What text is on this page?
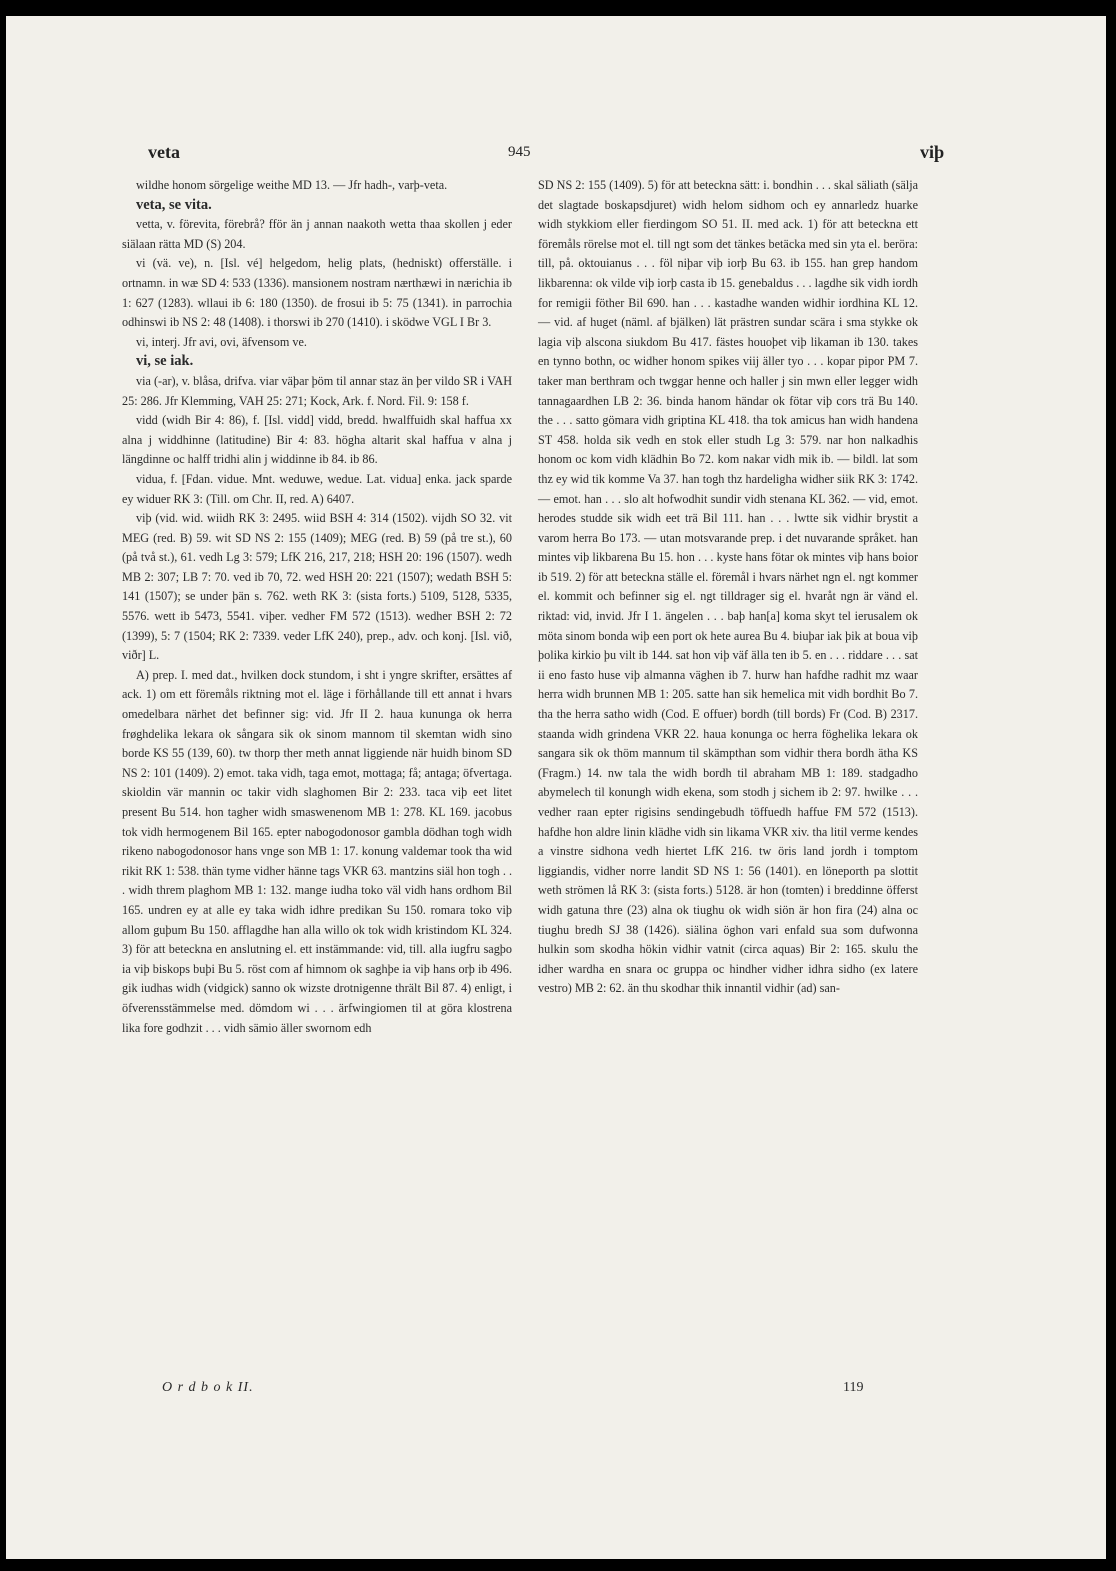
veta	945	viþ

wildhe honom sörgelige weithe MD 13. — Jfr hadh-, varþ-veta.

veta, se vita.

vetta, v. förevita, förebrå? fför än j annan naakoth wetta thaa skollen j eder siälaan rätta MD (S) 204.

vi (vä. ve), n. [Isl. vé] helgedom, helig plats, (hedniskt) offerställe. i ortnamn. in wæ SD 4: 533 (1336). mansionem nostram nærthæwi in nærichia ib 1: 627 (1283). wllaui ib 6: 180 (1350). de frosui ib 5: 75 (1341). in parrochia odhinswi ib NS 2: 48 (1408). i thorswi ib 270 (1410). i sködwe VGL I Br 3.

vi, interj. Jfr avi, ovi, äfvensom ve.

vi, se iak.

via (-ar), v. blåsa, drifva. viar väþar þöm til annar staz än þer vildo SR i VAH 25: 286. Jfr Klemming, VAH 25: 271; Kock, Ark. f. Nord. Fil. 9: 158 f.

vidd (widh Bir 4: 86), f. [Isl. vidd] vidd, bredd. hwalffuidh skal haffua xx alna j widdhinne (latitudine) Bir 4: 83. högha altarit skal haffua v alna j längdinne oc halff tridhi alin j widdinne ib 84. ib 86.

vidua, f. [Fdan. vidue. Mnt. weduwe, wedue. Lat. vidua] enka. jack sparde ey widuer RK 3: (Till. om Chr. II, red. A) 6407.

viþ (vid. wid. wiidh RK 3: 2495. wiid BSH 4: 314 (1502). vijdh SO 32. vit MEG (red. B) 59. wit SD NS 2: 155 (1409); MEG (red. B) 59 (på tre st.), 60 (på två st.), 61. vedh Lg 3: 579; LfK 216, 217, 218; HSH 20: 196 (1507). wedh MB 2: 307; LB 7: 70. ved ib 70, 72. wed HSH 20: 221 (1507); wedath BSH 5: 141 (1507); se under þän s. 762. weth RK 3: (sista forts.) 5109, 5128, 5335, 5576. wett ib 5473, 5541. viþer. vedher FM 572 (1513). wedher BSH 2: 72 (1399), 5: 7 (1504; RK 2: 7339. veder LfK 240), prep., adv. och konj. [Isl. við, viðr] L.

A) prep. I. med dat., hvilken dock stundom, i sht i yngre skrifter, ersättes af ack. 1) om ett föremåls riktning mot el. läge i förhållande till ett annat i hvars omedelbara närhet det befinner sig: vid. Jfr II 2. haua kununga ok herra frøghdelika lekara ok sångara sik ok sinom mannom til skemtan widh sino borde KS 55 (139, 60). tw thorp ther meth annat liggiende när huidh binom SD NS 2: 101 (1409). 2) emot. taka vidh, taga emot, mottaga; få; antaga; öfvertaga. skioldin vär mannin oc takir vidh slaghomen Bir 2: 233. taca viþ eet litet present Bu 514. hon tagher widh smaswenenom MB 1: 278. KL 169. jacobus tok vidh hermogenem Bil 165. epter nabogodonosor gambla dödhan togh widh rikeno nabogodonosor hans vnge son MB 1: 17. konung valdemar took tha wid rikit RK 1: 538. thän tyme vidher hänne tags VKR 63. mantzins siäl hon togh . . . widh threm plaghom MB 1: 132. mange iudha toko väl vidh hans ordhom Bil 165. undren ey at alle ey taka widh idhre predikan Su 150. romara toko viþ allom guþum Bu 150. afflagdhe han alla willo ok tok widh kristindom KL 324. 3) för att beteckna en anslutning el. ett instämmande: vid, till. alla iugfru sagþo ia viþ biskops buþi Bu 5. röst com af himnom ok saghþe ia viþ hans orþ ib 496. gik iudhas widh (vidgick) sanno ok wizste drotnigenne thrält Bil 87. 4) enligt, i öfverensstämmelse med. dömdom wi . . . ärfwingiomen til at göra klostrena lika fore godhzit . . . vidh sämio äller swornom edh

SD NS 2: 155 (1409). 5) för att beteckna sätt: i. bondhin . . . skal säliath (sälja det slagtade boskapsdjuret) widh helom sidhom och ey annarledz huarke widh stykkiom eller fierdingom SO 51. II. med ack. 1) för att beteckna ett föremåls rörelse mot el. till ngt som det tänkes betäcka med sin yta el. beröra: till, på. oktouianus . . . föl niþar viþ iorþ Bu 63. ib 155. han grep handom likbarenna: ok vilde viþ iorþ casta ib 15. genebaldus . . . lagdhe sik vidh iordh for remigii föther Bil 690. han . . . kastadhe wanden widhir iordhina KL 12. — vid. af huget (näml. af bjälken) lät prästren sundar scära i sma stykke ok lagia viþ alscona siukdom Bu 417. fästes houoþet viþ likaman ib 130. takes en tynno bothn, oc widher honom spikes viij äller tyo . . . kopar pipor PM 7. taker man berthram och twggar henne och haller j sin mwn eller legger widh tannagaardhen LB 2: 36. binda hanom händar ok fötar viþ cors trä Bu 140. the . . . satto gömara vidh griptina KL 418. tha tok amicus han widh handena ST 458. holda sik vedh en stok eller studh Lg 3: 579. nar hon nalkadhis honom oc kom vidh klädhin Bo 72. kom nakar vidh mik ib. — bildl. lat som thz ey wid tik komme Va 37. han togh thz hardeligha widher siik RK 3: 1742. — emot. han . . . slo alt hofwodhit sundir vidh stenana KL 362. — vid, emot. herodes studde sik widh eet trä Bil 111. han . . . lwtte sik vidhir brystit a varom herra Bo 173. — utan motsvarande prep. i det nuvarande språket. han mintes viþ likbarena Bu 15. hon . . . kyste hans fötar ok mintes viþ hans boior ib 519. 2) för att beteckna ställe el. föremål i hvars närhet ngn el. ngt kommer el. kommit och befinner sig el. ngt tilldrager sig el. hvaråt ngn är vänd el. riktad: vid, invid. Jfr I 1. ängelen . . . baþ han[a] koma skyt tel ierusalem ok möta sinom bonda wiþ een port ok hete aurea Bu 4. biuþar iak þik at boua viþ þolika kirkio þu vilt ib 144. sat hon viþ väf älla ten ib 5. en . . . riddare . . . sat ii eno fasto huse viþ almanna väghen ib 7. hurw han hafdhe radhit mz waar herra widh brunnen MB 1: 205. satte han sik hemelica mit vidh bordhit Bo 7. tha the herra satho widh (Cod. E offuer) bordh (till bords) Fr (Cod. B) 2317. staanda widh grindena VKR 22. haua konunga oc herra föghelika lekara ok sangara sik ok thöm mannum til skämpthan som vidhir thera bordh ätha KS (Fragm.) 14. nw tala the widh bordh til abraham MB 1: 189. stadgadho abymelech til konungh widh ekena, som stodh j sichem ib 2: 97. hwilke . . . vedher raan epter rigisins sendingebudh töffuedh haffue FM 572 (1513). hafdhe hon aldre linin klädhe vidh sin likama VKR xiv. tha litil verme kendes a vinstre sidhona vedh hiertet LfK 216. tw öris land jordh i tomptom liggiandis, vidher norre landit SD NS 1: 56 (1401). en löneporth pa slottit weth strömen lå RK 3: (sista forts.) 5128. är hon (tomten) i breddinne öfferst widh gatuna thre (23) alna ok tiughu ok widh siön är hon fira (24) alna oc tiughu bredh SJ 38 (1426). siälina öghon vari enfald sua som dufwonna hulkin som skodha hökin vidhir vatnit (circa aquas) Bir 2: 165. skulu the idher wardha en snara oc gruppa oc hindher vidher idhra sidho (ex latere vestro) MB 2: 62. än thu skodhar thik innantil vidhir (ad) san-

O r d b o k II.	119
